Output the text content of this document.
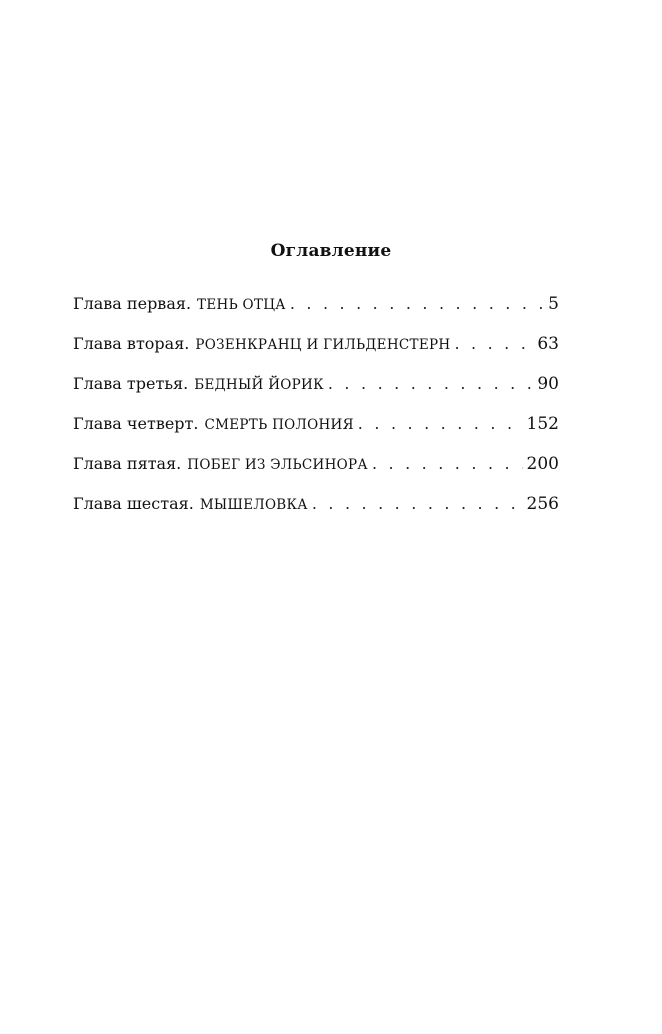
Оглавление
Глава первая. ТЕНЬ ОТЦА . . .	5
Глава вторая. РОЗЕНКРАНЦ И ГИЛЬДЕНСТЕРН . . .	63
Глава третья. БЕДНЫЙ ЙОРИК . . .	90
Глава четверт. СМЕРТЬ ПОЛОНИЯ . . .	152
Глава пятая. ПОБЕГ ИЗ ЭЛЬСИНОРА . . .	200
Глава шестая. МЫШЕЛОВКА . . .	256
